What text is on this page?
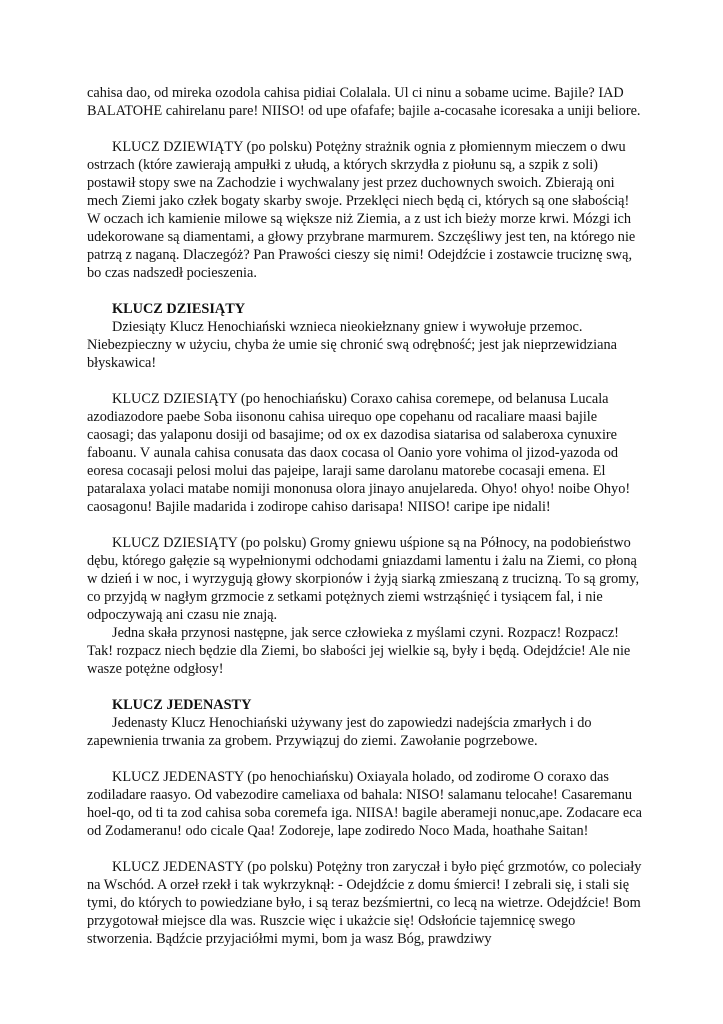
cahisa dao, od mireka ozodola cahisa pidiai Colalala. Ul ci ninu a sobame ucime. Bajile? IAD BALATOHE cahirelanu pare! NIISO! od upe ofafafe; bajile a-cocasahe icoresaka a uniji beliore.

KLUCZ DZIEWIĄTY (po polsku) Potężny strażnik ognia z płomiennym mieczem o dwu ostrzach (które zawierają ampułki z ułudą, a których skrzydła z piołunu są, a szpik z soli) postawił stopy swe na Zachodzie i wychwalany jest przez duchownych swoich. Zbierają oni mech Ziemi jako człek bogaty skarby swoje. Przeklęci niech będą ci, których są one słabością! W oczach ich kamienie milowe są większe niż Ziemia, a z ust ich bieży morze krwi. Mózgi ich udekorowane są diamentami, a głowy przybrane marmurem. Szczęśliwy jest ten, na którego nie patrzą z naganą. Dlaczegóż? Pan Prawości cieszy się nimi! Odejdźcie i zostawcie truciznę swą, bo czas nadszedł pocieszenia.

KLUCZ DZIESIĄTY

Dziesiąty Klucz Henochiański wznieca nieokiełznany gniew i wywołuje przemoc. Niebezpieczny w użyciu, chyba że umie się chronić swą odrębność; jest jak nieprzewidziana błyskawica!

KLUCZ DZIESIĄTY (po henochiańsku) Coraxo cahisa coremepe, od belanusa Lucala azodiazodore paebe Soba iisononu cahisa uirequo ope copehanu od racaliare maasi bajile caosagi; das yalaponu dosiji od basajime; od ox ex dazodisa siatarisa od salaberoxa cynuxire faboanu. V aunala cahisa conusata das daox cocasa ol Oanio yore vohima ol jizod-yazoda od eoresa cocasaji pelosi molui das pajeipe, laraji same darolanu matorebe cocasaji emena. El pataralaxa yolaci matabe nomiji mononusa olora jinayo anujelareda. Ohyo! ohyo! noibe Ohyo! caosagonu! Bajile madarida i zodirope cahiso darisapa! NIISO! caripe ipe nidali!

KLUCZ DZIESIĄTY (po polsku) Gromy gniewu uśpione są na Północy, na podobieństwo dębu, którego gałęzie są wypełnionymi odchodami gniazdami lamentu i żalu na Ziemi, co płoną w dzień i w noc, i wyrzygują głowy skorpionów i żyją siarką zmieszaną z trucizną. To są gromy, co przyjdą w nagłym grzmocie z setkami potężnych ziemi wstrząśnięć i tysiącem fal, i nie odpoczywają ani czasu nie znają.

Jedna skała przynosi następne, jak serce człowieka z myślami czyni. Rozpacz! Rozpacz! Tak! rozpacz niech będzie dla Ziemi, bo słabości jej wielkie są, były i będą. Odejdźcie! Ale nie wasze potężne odgłosy!

KLUCZ JEDENASTY

Jedenasty Klucz Henochiański używany jest do zapowiedzi nadejścia zmarłych i do zapewnienia trwania za grobem. Przywiązuj do ziemi. Zawołanie pogrzebowe.

KLUCZ JEDENASTY (po henochiańsku) Oxiayala holado, od zodirome O coraxo das zodiladare raasyo. Od vabezodire cameliaxa od bahala: NISO! salamanu telocahe! Casaremanu hoel-qo, od ti ta zod cahisa soba coremefa iga. NIISA! bagile aberameji nonuc,ape. Zodacare eca od Zodameranu! odo cicale Qaa! Zodoreje, lape zodiredo Noco Mada, hoathahe Saitan!

KLUCZ JEDENASTY (po polsku) Potężny tron zaryczał i było pięć grzmotów, co poleciały na Wschód. A orzeł rzekł i tak wykrzyknął: - Odejdźcie z domu śmierci! I zebrali się, i stali się tymi, do których to powiedziane było, i są teraz bezśmiertni, co lecą na wietrze. Odejdźcie! Bom przygotował miejsce dla was. Ruszcie więc i ukażcie się! Odsłońcie tajemnicę swego stworzenia. Bądźcie przyjaciółmi mymi, bom ja wasz Bóg, prawdziwy
